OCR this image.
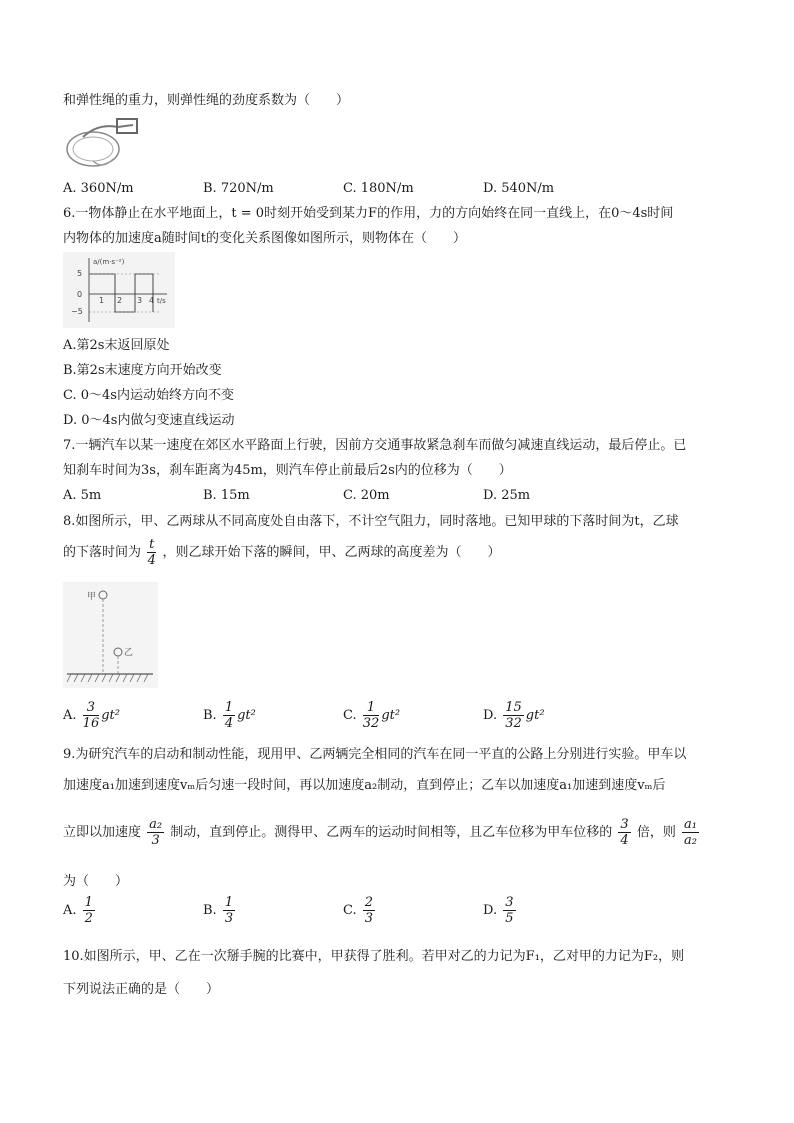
和弹性绳的重力，则弹性绳的劲度系数为（　　）
A. 360N/m	B. 720N/m	C. 180N/m	D. 540N/m
6.一物体静止在水平地面上，t = 0时刻开始受到某力F的作用，力的方向始终在同一直线上，在0～4s时间
内物体的加速度a随时间t的变化关系图像如图所示，则物体在（　　）
a/(m·s⁻²)
5
0
−5
1 2 3 4 t/s
A.第2s末返回原处
B.第2s末速度方向开始改变
C. 0～4s内运动始终方向不变
D. 0～4s内做匀变速直线运动
7.一辆汽车以某一速度在郊区水平路面上行驶，因前方交通事故紧急刹车而做匀减速直线运动，最后停止。已
知刹车时间为3s，刹车距离为45m，则汽车停止前最后2s内的位移为（　　）
A. 5m	B. 15m	C. 20m	D. 25m
8.如图所示，甲、乙两球从不同高度处自由落下，不计空气阻力，同时落地。已知甲球的下落时间为t，乙球
的下落时间为 $\frac{t}{4}$ ，则乙球开始下落的瞬间，甲、乙两球的高度差为（　　）
甲
乙
A. $\frac{3}{16} gt^2$	B. $\frac{1}{4} gt^2$	C. $\frac{1}{32} gt^2$	D. $\frac{15}{32} gt^2$
9.为研究汽车的启动和制动性能，现用甲、乙两辆完全相同的汽车在同一平直的公路上分别进行实验。甲车以
加速度a₁加速到速度vₘ后匀速一段时间，再以加速度a₂制动，直到停止；乙车以加速度a₁加速到速度vₘ后
立即以加速度 $\frac{\text{a₂}}{3}$ 制动，直到停止。测得甲、乙两车的运动时间相等，且乙车位移为甲车位移的 $\frac{3}{4}$ 倍，则 $\frac{\text{a₁}}{\text{a₂}}$
为（　　）
A. $\frac{1}{2}$	B. $\frac{1}{3}$	C. $\frac{2}{3}$	D. $\frac{3}{5}$
10.如图所示，甲、乙在一次掰手腕的比赛中，甲获得了胜利。若甲对乙的力记为F₁，乙对甲的力记为F₂，则
下列说法正确的是（　　）
